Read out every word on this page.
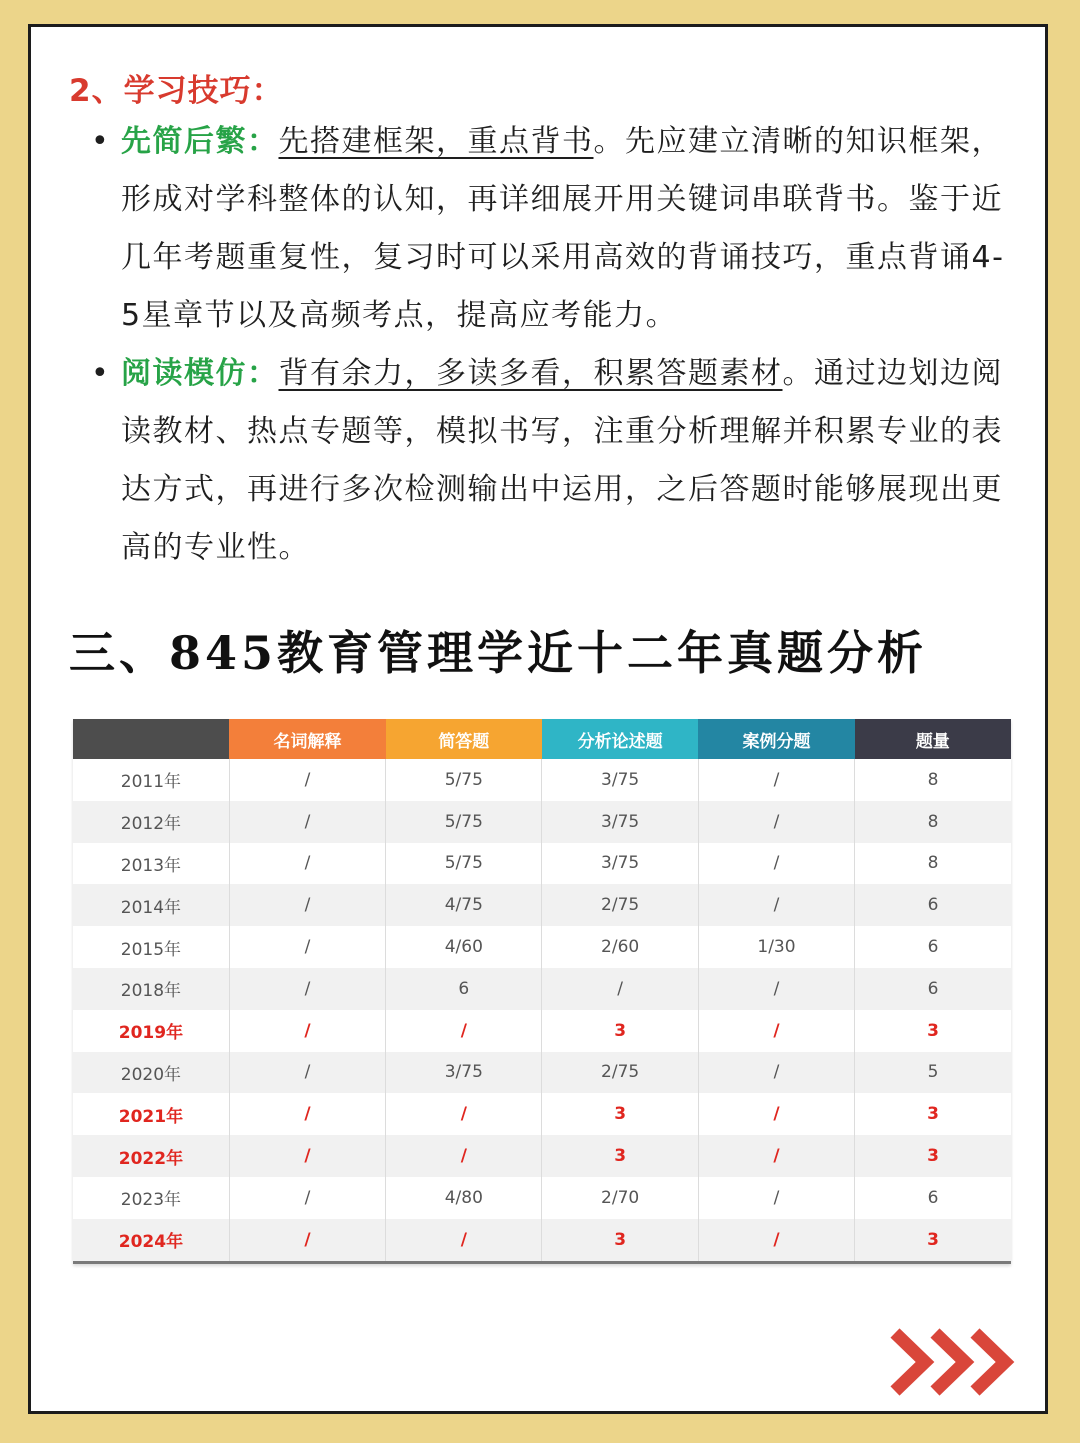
2、学习技巧：
• 先简后繁：先搭建框架，重点背书。先应建立清晰的知识框架，形成对学科整体的认知，再详细展开用关键词串联背书。鉴于近几年考题重复性，复习时可以采用高效的背诵技巧，重点背诵4-5星章节以及高频考点，提高应考能力。
• 阅读模仿：背有余力，多读多看，积累答题素材。通过边划边阅读教材、热点专题等，模拟书写，注重分析理解并积累专业的表达方式，再进行多次检测输出中运用，之后答题时能够展现出更高的专业性。
三、845教育管理学近十二年真题分析
	名词解释	简答题	分析论述题	案例分题	题量
2011年	/	5/75	3/75	/	8
2012年	/	5/75	3/75	/	8
2013年	/	5/75	3/75	/	8
2014年	/	4/75	2/75	/	6
2015年	/	4/60	2/60	1/30	6
2018年	/	6	/	/	6
2019年	/	/	3	/	3
2020年	/	3/75	2/75	/	5
2021年	/	/	3	/	3
2022年	/	/	3	/	3
2023年	/	4/80	2/70	/	6
2024年	/	/	3	/	3
